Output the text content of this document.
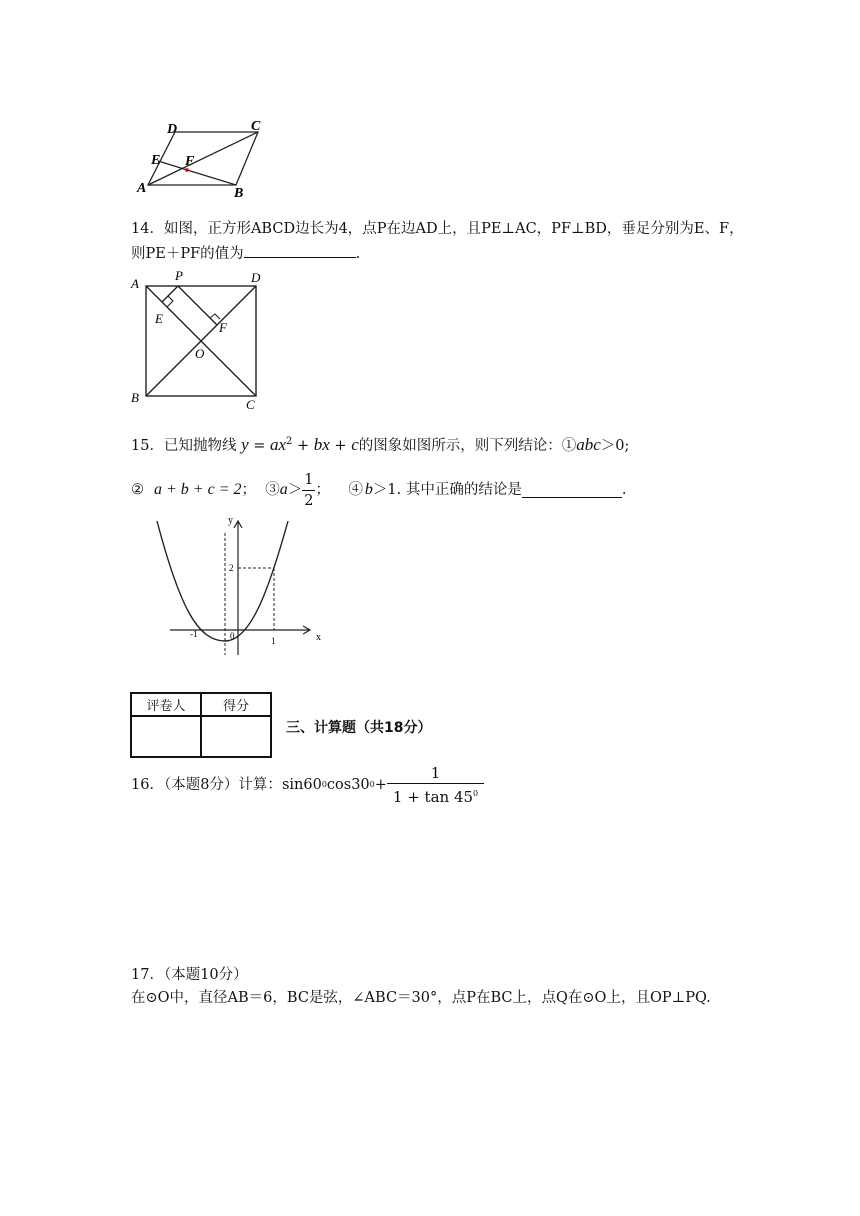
D	C
E F
A	B
14．如图，正方形ABCD边长为4，点P在边AD上，且PE⊥AC，PF⊥BD，垂足分别为E、F，
则PE＋PF的值为	.
A
P	D
E
F
O
B	C
15．已知抛物线 $y = ax^2$ + bx + c的图象如图所示，则下列结论：①abc＞0;
② a + b + c = 2 ；  ③ $a > \frac{1}{2}$ ；    ④ b ＞1. 其中正确的结论是	.
y
x
2
-1	0	1
评卷人	得分

三、计算题（共18分）
16．（本题8分）计算： sin60 0 cos30 $0 + \frac{1}{1 + \tan 45^0}$
17．（本题10分）
在⊙O中，直径AB＝6，BC是弦，∠ABC＝30°，点P在BC上，点Q在⊙O上，且OP⊥PQ.
